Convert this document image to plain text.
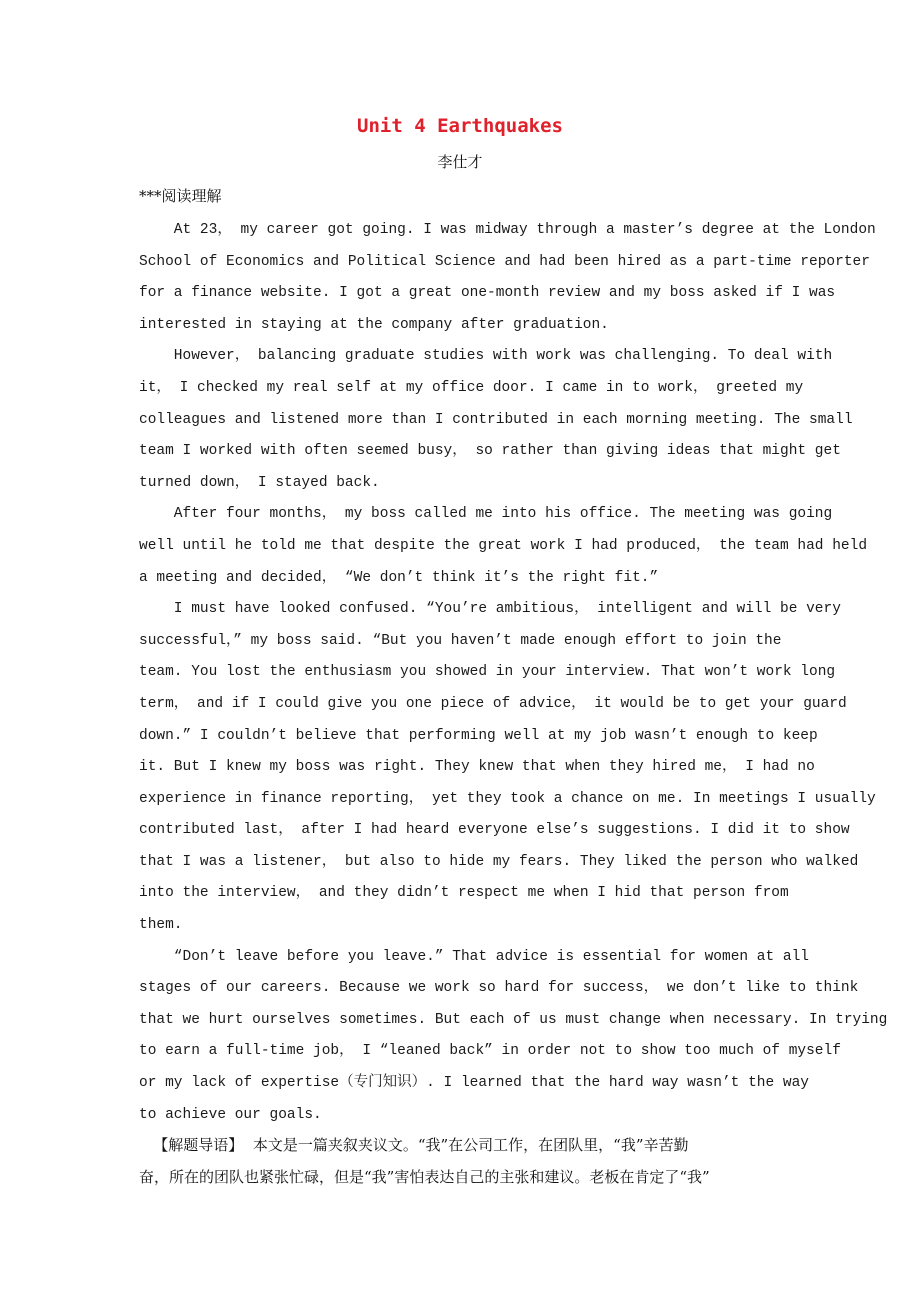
Unit 4 Earthquakes
李仕才
***阅读理解
At 23， my career got going. I was midway through a master’s degree at the London
School of Economics and Political Science and had been hired as a part-time reporter
for a finance website. I got a great one-month review and my boss asked if I was
interested in staying at the company after graduation.
However， balancing graduate studies with work was challenging. To deal with
it， I checked my real self at my office door. I came in to work， greeted my
colleagues and listened more than I contributed in each morning meeting. The small
team I worked with often seemed busy， so rather than giving ideas that might get
turned down， I stayed back.
After four months， my boss called me into his office. The meeting was going
well until he told me that despite the great work I had produced， the team had held
a meeting and decided， “We don’t think it’s the right fit.”
I must have looked confused. “You’re ambitious， intelligent and will be very
successful，” my boss said. “But you haven’t made enough effort to join the
team. You lost the enthusiasm you showed in your interview. That won’t work long
term， and if I could give you one piece of advice， it would be to get your guard
down.” I couldn’t believe that performing well at my job wasn’t enough to keep
it. But I knew my boss was right. They knew that when they hired me， I had no
experience in finance reporting， yet they took a chance on me. In meetings I usually
contributed last， after I had heard everyone else’s suggestions. I did it to show
that I was a listener， but also to hide my fears. They liked the person who walked
into the interview， and they didn’t respect me when I hid that person from
them.
“Don’t leave before you leave.” That advice is essential for women at all
stages of our careers. Because we work so hard for success， we don’t like to think
that we hurt ourselves sometimes. But each of us must change when necessary. In trying
to earn a full-time job， I “leaned back” in order not to show too much of myself
or my lack of expertise（专门知识）. I learned that the hard way wasn’t the way
to achieve our goals.
【解题导语】  本文是一篇夹叙夹议文。“我”在公司工作，在团队里，“我”辛苦勤
奋，所在的团队也紧张忙碌，但是“我”害怕表达自己的主张和建议。老板在肯定了“我”
